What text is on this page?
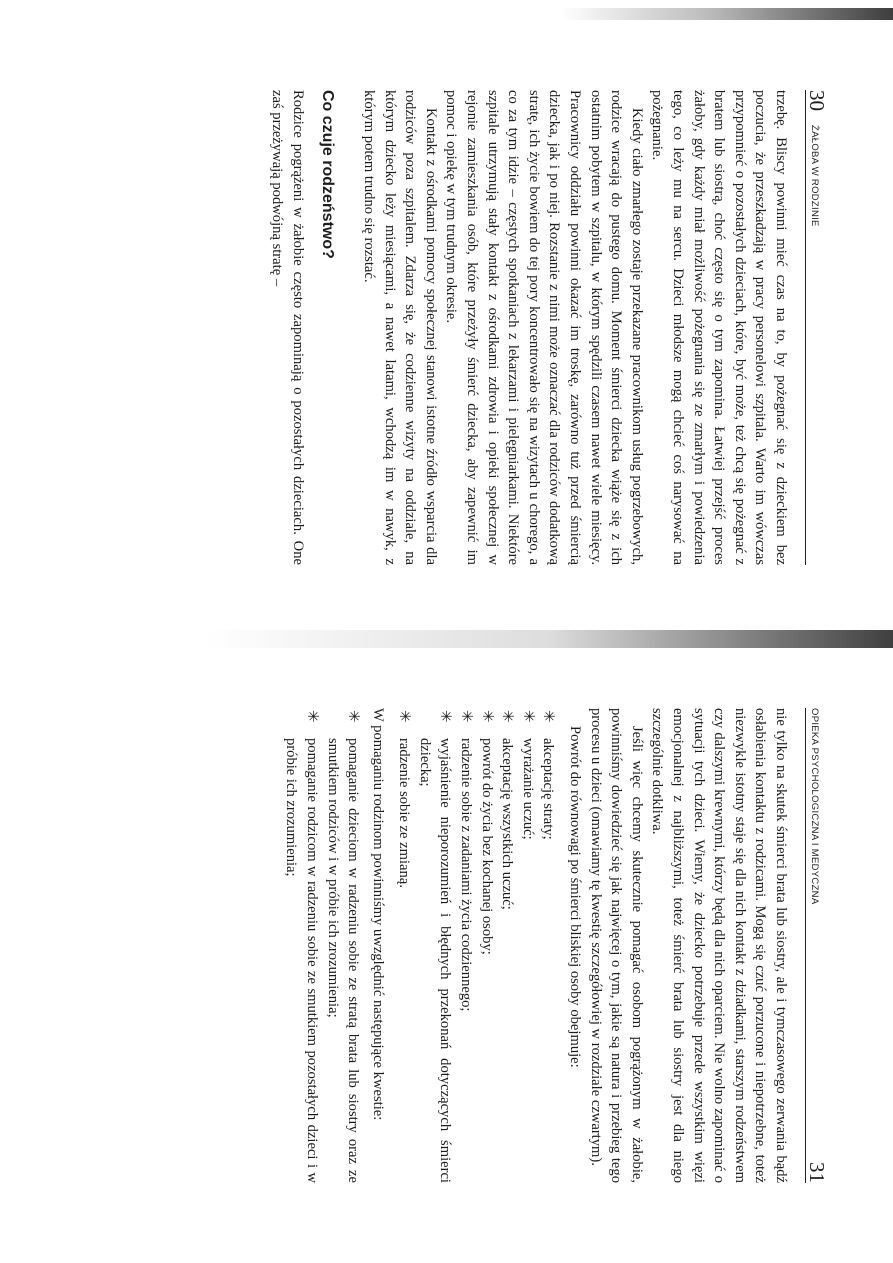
30
ŻAŁOBA W RODZINIE

trzebę. Bliscy powinni mieć czas na to, by pożegnać się z dzieckiem bez poczucia, że przeszkadzają w pracy personelowi szpitala. Warto im wówczas przypomnieć o pozostałych dzieciach, które, być może, też chcą się pożegnać z bratem lub siostrą, choć często się o tym zapomina. Łatwiej przejść proces żałoby, gdy każdy miał możliwość pożegnania się ze zmarłym i powiedzenia tego, co leży mu na sercu. Dzieci młodsze mogą chcieć coś narysować na pożegnanie.

Kiedy ciało zmarłego zostaje przekazane pracownikom usług pogrzebowych, rodzice wracają do pustego domu. Moment śmierci dziecka wiąże się z ich ostatnim pobytem w szpitalu, w którym spędzili czasem nawet wiele miesięcy. Pracownicy oddziału powinni okazać im troskę, zarówno tuż przed śmiercią dziecka, jak i po niej. Rozstanie z nimi może oznaczać dla rodziców dodatkową stratę, ich życie bowiem do tej pory koncentrowało się na wizytach u chorego, a co za tym idzie – częstych spotkaniach z lekarzami i pielęgniarkami. Niektóre szpitale utrzymują stały kontakt z ośrodkami zdrowia i opieki społecznej w rejonie zamieszkania osób, które przeżyły śmierć dziecka, aby zapewnić im pomoc i opiekę w tym trudnym okresie.

Kontakt z ośrodkami pomocy społecznej stanowi istotne źródło wsparcia dla rodziców poza szpitalem. Zdarza się, że codzienne wizyty na oddziale, na którym dziecko leży miesiącami, a nawet latami, wchodzą im w nawyk, z którym potem trudno się rozstać.

Co czuje rodzeństwo?

Rodzice pogrążeni w żałobie często zapominają o pozostałych dzieciach. One zaś przeżywają podwójną stratę –

OPIEKA PSYCHOLOGICZNA I MEDYCZNA
31

nie tylko na skutek śmierci brata lub siostry, ale i tymczasowego zerwania bądź osłabienia kontaktu z rodzicami. Mogą się czuć porzucone i niepotrzebne, toteż niezwykle istotny staje się dla nich kontakt z dziadkami, starszym rodzeństwem czy dalszymi krewnymi, którzy będą dla nich oparciem. Nie wolno zapominać o sytuacji tych dzieci. Wiemy, że dziecko potrzebuje przede wszystkim więzi emocjonalnej z najbliższymi, toteż śmierć brata lub siostry jest dla niego szczególnie dotkliwa.

Jeśli więc chcemy skutecznie pomagać osobom pogrążonym w żałobie, powinniśmy dowiedzieć się jak najwięcej o tym, jakie są natura i przebieg tego procesu u dzieci (omawiamy tę kwestię szczegółowiej w rozdziale czwartym).

Powrót do równowagi po śmierci bliskiej osoby obejmuje:

✳
akceptację straty;
✳
wyrażanie uczuć;
✳
akceptację wszystkich uczuć;
✳
powrót do życia bez kochanej osoby;
✳
radzenie sobie z zadaniami życia codziennego;
✳
wyjaśnienie nieporozumień i błędnych przekonań dotyczących śmierci dziecka;
✳
radzenie sobie ze zmianą.

W pomaganiu rodzinom powinniśmy uwzględnić następujące kwestie:

✳
pomaganie dzieciom w radzeniu sobie ze stratą brata lub siostry oraz ze smutkiem rodziców i w próbie ich zrozumienia;
✳
pomaganie rodzicom w radzeniu sobie ze smutkiem pozostałych dzieci i w próbie ich zrozumienia;
